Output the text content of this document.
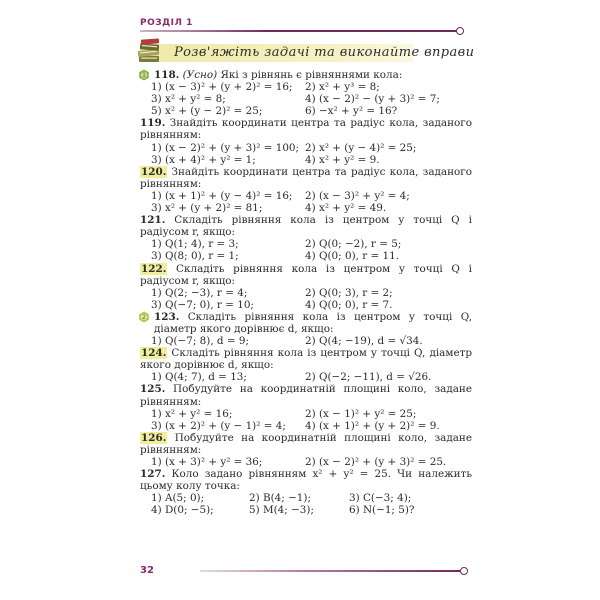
РОЗДІЛ 1
Розв'яжіть задачі та виконайте вправи
1 118. (Усно) Які з рівнянь є рівняннями кола:
1) (x − 3)² + (y + 2)² = 16;	2) x² + y³ = 8;
3) x² + y² = 8;	4) (x − 2)² − (y + 3)² = 7;
5) x² + (y − 2)² = 25;	6) −x² + y² = 16?
119. Знайдіть координати центра та радіус кола, заданого рівнянням:
1) (x − 2)² + (y + 3)² = 100; 2) x² + (y − 4)² = 25;
3) (x + 4)² + y² = 1;	4) x² + y² = 9.
120. Знайдіть координати центра та радіус кола, заданого рівнянням:
1) (x + 1)² + (y − 4)² = 16;	2) (x − 3)² + y² = 4;
3) x² + (y + 2)² = 81;	4) x² + y² = 49.
121. Складіть рівняння кола із центром у точці Q і радіусом r, якщо:
1) Q(1; 4), r = 3;	2) Q(0; −2), r = 5;
3) Q(8; 0), r = 1;	4) Q(0; 0), r = 11.
122. Складіть рівняння кола із центром у точці Q і радіусом r, якщо:
1) Q(2; −3), r = 4;	2) Q(0; 3), r = 2;
3) Q(−7; 0), r = 10;	4) Q(0; 0), r = 7.
2 123. Складіть рівняння кола із центром у точці Q, діаметр якого дорівнює d, якщо:
1) Q(−7; 8), d = 9;	2) Q(4; −19), d = √34.
124. Складіть рівняння кола із центром у точці Q, діаметр якого дорівнює d, якщо:
1) Q(4; 7), d = 13;	2) Q(−2; −11), d = √26.
125. Побудуйте на координатній площині коло, задане рівнянням:
1) x² + y² = 16;	2) (x − 1)² + y² = 25;
3) (x + 2)² + (y − 1)² = 4;	4) (x + 1)² + (y + 2)² = 9.
126. Побудуйте на координатній площині коло, задане рівнянням:
1) (x + 3)² + y² = 36;	2) (x − 2)² + (y + 3)² = 25.
127. Коло задано рівнянням x² + y² = 25. Чи належить цьому колу точка:
1) A(5; 0);	2) B(4; −1);	3) C(−3; 4);
4) D(0; −5);	5) M(4; −3);	6) N(−1; 5)?
32
